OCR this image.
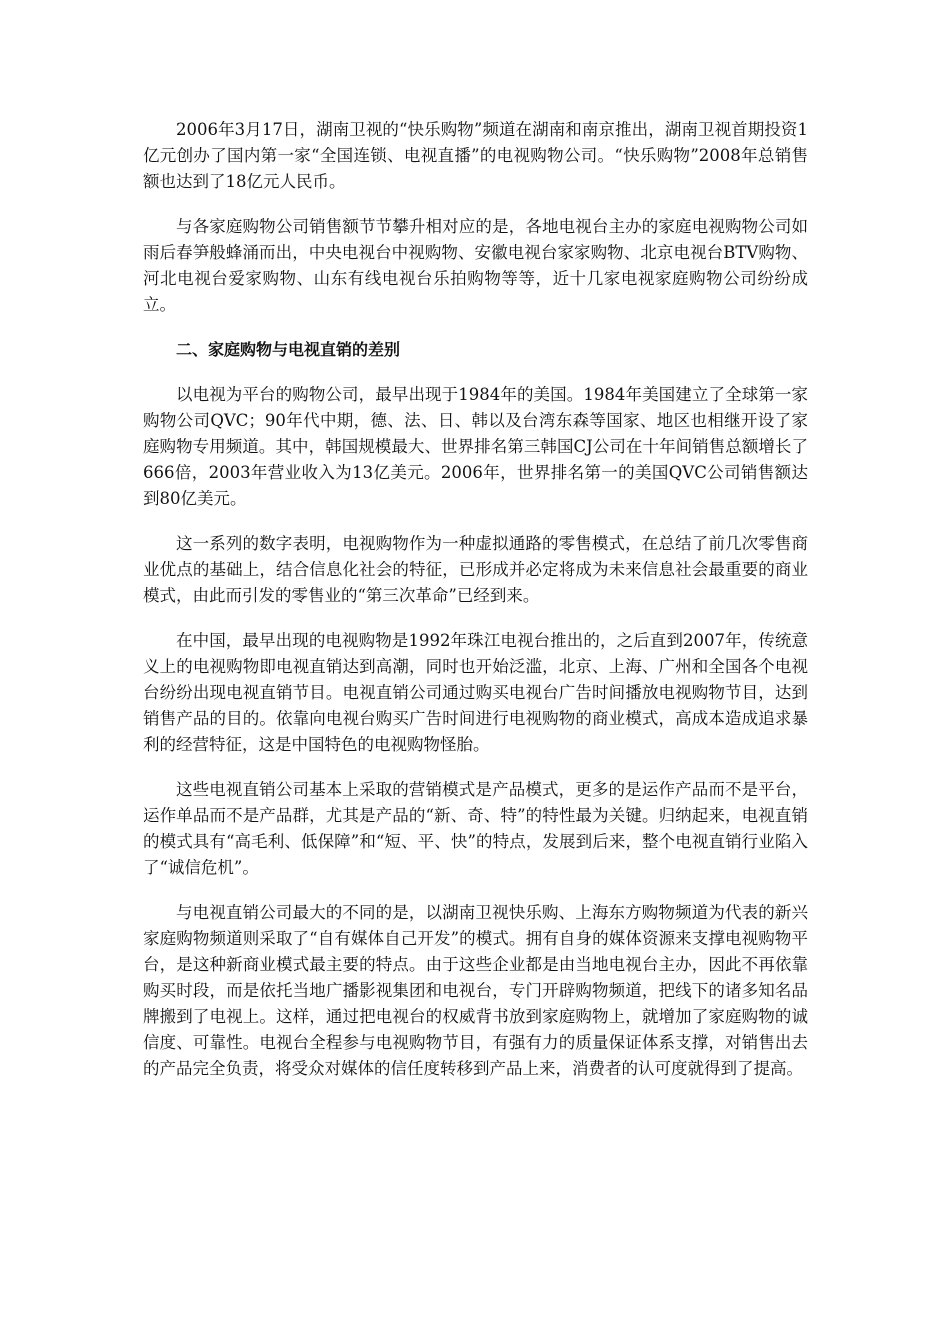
2006年3月17日，湖南卫视的“快乐购物”频道在湖南和南京推出，湖南卫视首期投资1亿元创办了国内第一家“全国连锁、电视直播”的电视购物公司。“快乐购物”2008年总销售额也达到了18亿元人民币。

与各家庭购物公司销售额节节攀升相对应的是，各地电视台主办的家庭电视购物公司如雨后春笋般蜂涌而出，中央电视台中视购物、安徽电视台家家购物、北京电视台BTV购物、河北电视台爱家购物、山东有线电视台乐拍购物等等，近十几家电视家庭购物公司纷纷成立。

二、家庭购物与电视直销的差别

以电视为平台的购物公司，最早出现于1984年的美国。1984年美国建立了全球第一家购物公司QVC；90年代中期，德、法、日、韩以及台湾东森等国家、地区也相继开设了家庭购物专用频道。其中，韩国规模最大、世界排名第三韩国CJ公司在十年间销售总额增长了666倍，2003年营业收入为13亿美元。2006年，世界排名第一的美国QVC公司销售额达到80亿美元。

这一系列的数字表明，电视购物作为一种虚拟通路的零售模式，在总结了前几次零售商业优点的基础上，结合信息化社会的特征，已形成并必定将成为未来信息社会最重要的商业模式，由此而引发的零售业的“第三次革命”已经到来。

在中国，最早出现的电视购物是1992年珠江电视台推出的，之后直到2007年，传统意义上的电视购物即电视直销达到高潮，同时也开始泛滥，北京、上海、广州和全国各个电视台纷纷出现电视直销节目。电视直销公司通过购买电视台广告时间播放电视购物节目，达到销售产品的目的。依靠向电视台购买广告时间进行电视购物的商业模式，高成本造成追求暴利的经营特征，这是中国特色的电视购物怪胎。

这些电视直销公司基本上采取的营销模式是产品模式，更多的是运作产品而不是平台，运作单品而不是产品群，尤其是产品的“新、奇、特”的特性最为关键。归纳起来，电视直销的模式具有“高毛利、低保障”和“短、平、快”的特点，发展到后来，整个电视直销行业陷入了“诚信危机”。

与电视直销公司最大的不同的是，以湖南卫视快乐购、上海东方购物频道为代表的新兴家庭购物频道则采取了“自有媒体自己开发”的模式。拥有自身的媒体资源来支撑电视购物平台，是这种新商业模式最主要的特点。由于这些企业都是由当地电视台主办，因此不再依靠购买时段，而是依托当地广播影视集团和电视台，专门开辟购物频道，把线下的诸多知名品牌搬到了电视上。这样，通过把电视台的权威背书放到家庭购物上，就增加了家庭购物的诚信度、可靠性。电视台全程参与电视购物节目，有强有力的质量保证体系支撑，对销售出去的产品完全负责，将受众对媒体的信任度转移到产品上来，消费者的认可度就得到了提高。
